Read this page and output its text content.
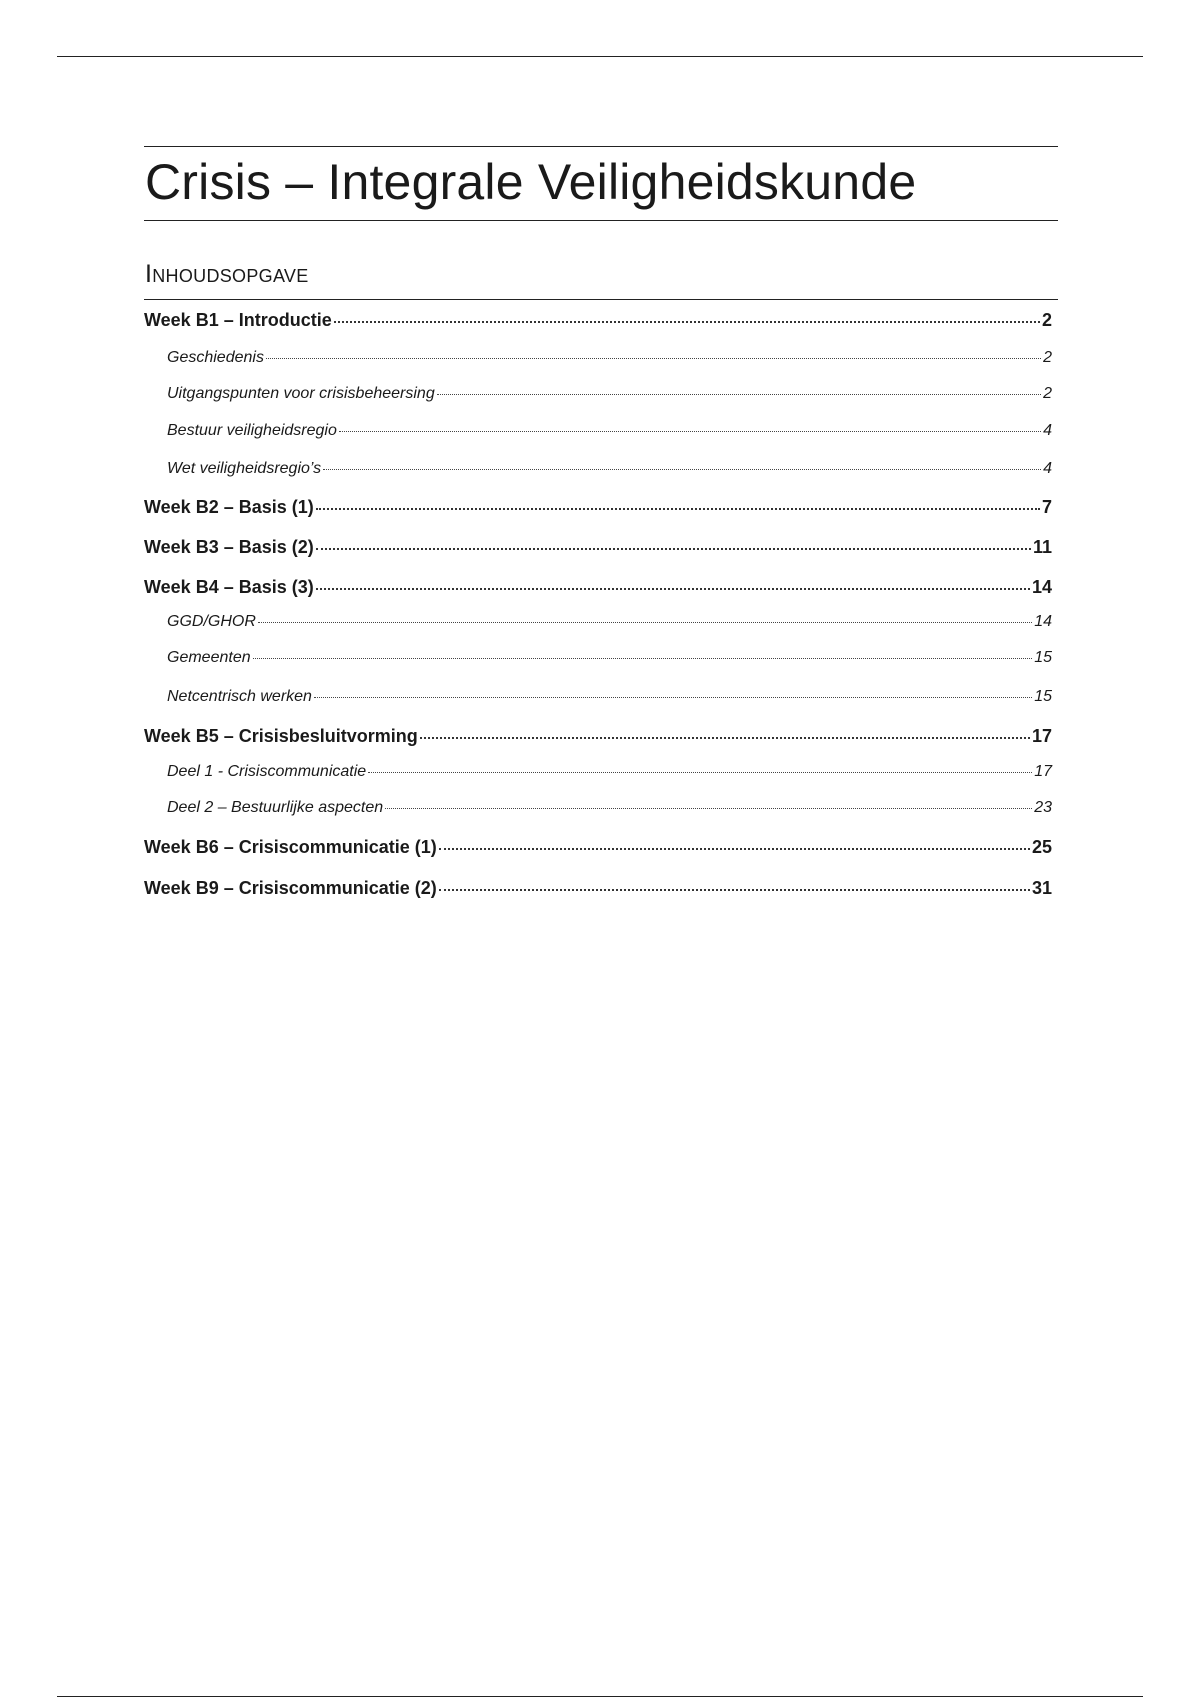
Crisis – Integrale Veiligheidskunde
Inhoudsopgave
Week B1 – Introductie	2
Geschiedenis	2
Uitgangspunten voor crisisbeheersing	2
Bestuur veiligheidsregio	4
Wet veiligheidsregio’s	4
Week B2 – Basis (1)	7
Week B3 – Basis (2)	11
Week B4 – Basis (3)	14
GGD/GHOR	14
Gemeenten	15
Netcentrisch werken	15
Week B5 – Crisisbesluitvorming	17
Deel 1 - Crisiscommunicatie	17
Deel 2 – Bestuurlijke aspecten	23
Week B6 – Crisiscommunicatie (1)	25
Week B9 – Crisiscommunicatie (2)	31
